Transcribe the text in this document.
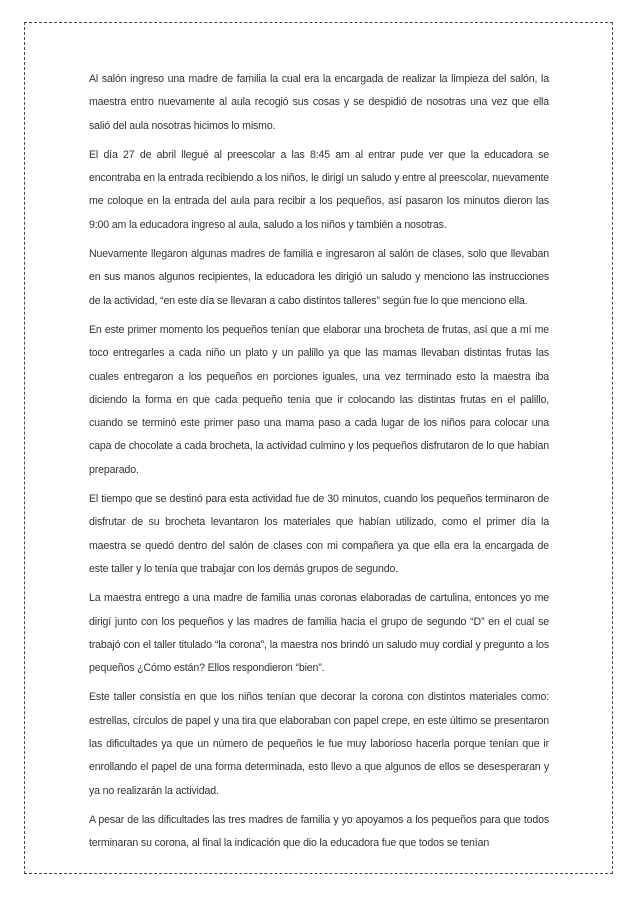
Al salón ingreso una madre de familia la cual era la encargada de realizar la limpieza del salón, la maestra entro nuevamente al aula recogió sus cosas y se despidió de nosotras una vez que ella salió del aula nosotras hicimos lo mismo.

El día 27 de abril llegué al preescolar a las 8:45 am al entrar pude ver que la educadora se encontraba en la entrada recibiendo a los niños, le dirigí un saludo y entre al preescolar, nuevamente me coloque en la entrada del aula para recibir a los pequeños, así pasaron los minutos dieron las 9:00 am la educadora ingreso al aula, saludo a los niños y también a nosotras.

Nuevamente llegaron algunas madres de familia e ingresaron al salón de clases, solo que llevaban en sus manos algunos recipientes, la educadora les dirigió un saludo y menciono las instrucciones de la actividad, “en este día se llevaran a cabo distintos talleres” según fue lo que menciono ella.

En este primer momento los pequeños tenían que elaborar una brocheta de frutas, así que a mí me toco entregarles a cada niño un plato y un palillo ya que las mamas llevaban distintas frutas las cuales entregaron a los pequeños en porciones iguales, una vez terminado esto la maestra iba diciendo la forma en que cada pequeño tenía que ir colocando las distintas frutas en el palillo, cuando se terminó este primer paso una mama paso a cada lugar de los niños para colocar una capa de chocolate a cada brocheta, la actividad culmino y los pequeños disfrutaron de lo que habían preparado.

El tiempo que se destinó para esta actividad fue de 30 minutos, cuando los pequeños terminaron de disfrutar de su brocheta levantaron los materiales que habían utilizado, como el primer día la maestra se quedó dentro del salón de clases con mi compañera ya que ella era la encargada de este taller y lo tenía que trabajar con los demás grupos de segundo.

La maestra entrego a una madre de familia unas coronas elaboradas de cartulina, entonces yo me dirigí junto con los pequeños y las madres de familia hacia el grupo de segundo “D” en el cual se trabajó con el taller titulado “la corona”, la maestra nos brindó un saludo muy cordial y pregunto a los pequeños ¿Cómo están? Ellos respondieron “bien”.

Este taller consistía en que los niños tenían que decorar la corona con distintos materiales como: estrellas, círculos de papel y una tira que elaboraban con papel crepe, en este último se presentaron las dificultades ya que un número de pequeños le fue muy laborioso hacerla porque tenían que ir enrollando el papel de una forma determinada, esto llevo a que algunos de ellos se desesperaran y ya no realizarán la actividad.

A pesar de las dificultades las tres madres de familia y yo apoyamos a los pequeños para que todos terminaran su corona, al final la indicación que dio la educadora fue que todos se tenían
